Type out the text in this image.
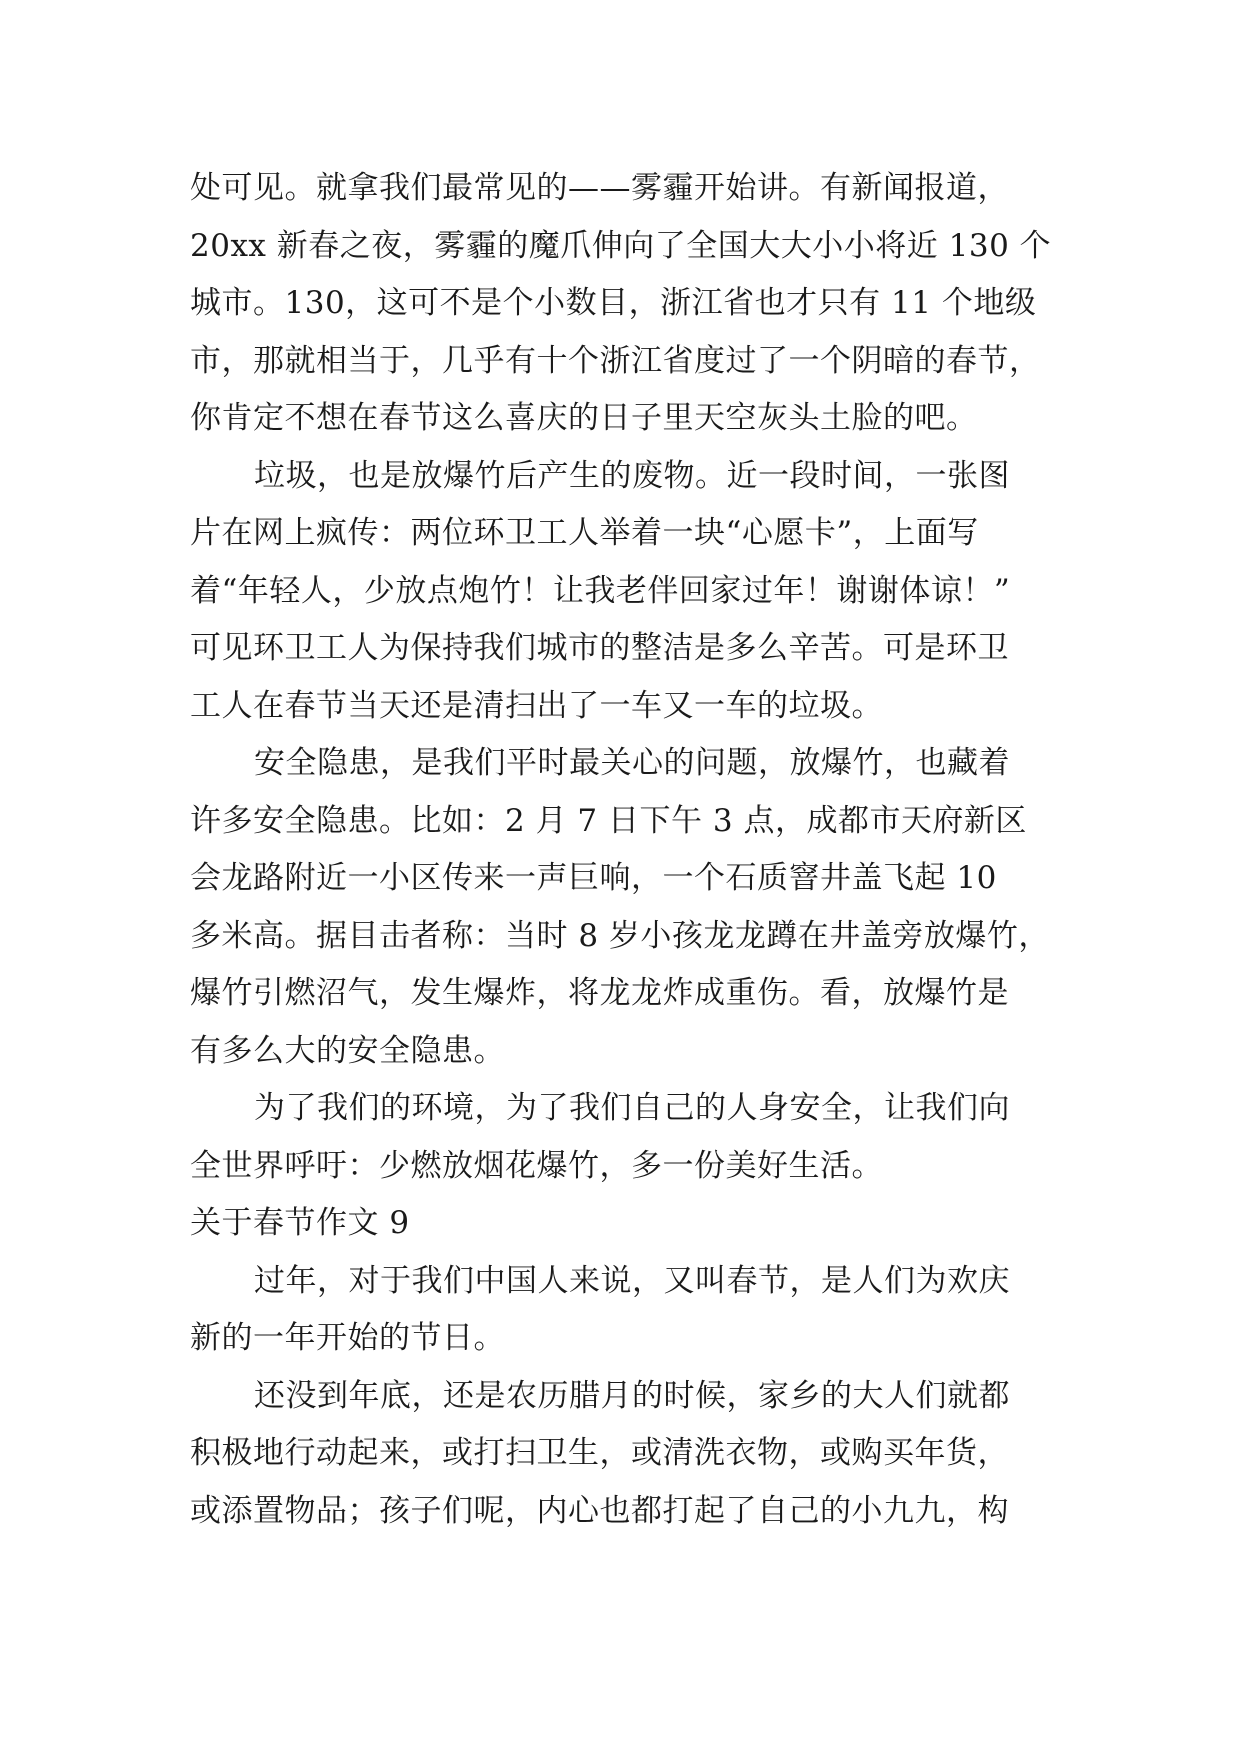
处可见。就拿我们最常见的——雾霾开始讲。有新闻报道，
20xx 新春之夜，雾霾的魔爪伸向了全国大大小小将近 130 个
城市。130，这可不是个小数目，浙江省也才只有 11 个地级
市，那就相当于，几乎有十个浙江省度过了一个阴暗的春节，
你肯定不想在春节这么喜庆的日子里天空灰头土脸的吧。
垃圾，也是放爆竹后产生的废物。近一段时间，一张图
片在网上疯传：两位环卫工人举着一块“心愿卡”，上面写
着“年轻人，少放点炮竹！让我老伴回家过年！谢谢体谅！”
可见环卫工人为保持我们城市的整洁是多么辛苦。可是环卫
工人在春节当天还是清扫出了一车又一车的垃圾。
安全隐患，是我们平时最关心的问题，放爆竹，也藏着
许多安全隐患。比如：2 月 7 日下午 3 点，成都市天府新区
会龙路附近一小区传来一声巨响，一个石质窨井盖飞起 10
多米高。据目击者称：当时 8 岁小孩龙龙蹲在井盖旁放爆竹，
爆竹引燃沼气，发生爆炸，将龙龙炸成重伤。看，放爆竹是
有多么大的安全隐患。
为了我们的环境，为了我们自己的人身安全，让我们向
全世界呼吁：少燃放烟花爆竹，多一份美好生活。
关于春节作文 9
过年，对于我们中国人来说，又叫春节，是人们为欢庆
新的一年开始的节日。
还没到年底，还是农历腊月的时候，家乡的大人们就都
积极地行动起来，或打扫卫生，或清洗衣物，或购买年货，
或添置物品；孩子们呢，内心也都打起了自己的小九九，构
